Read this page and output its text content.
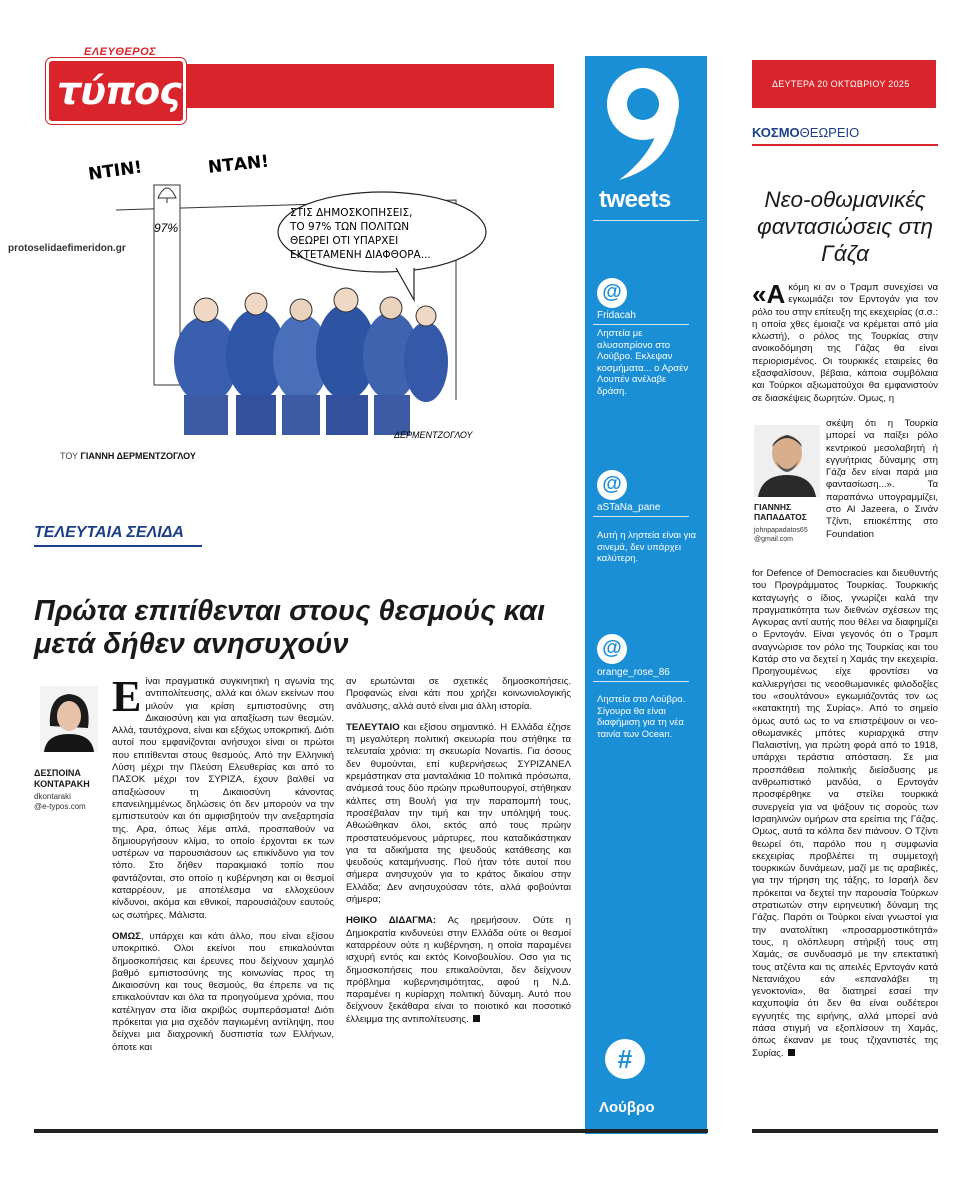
ΕΛΕΥΘΕΡΟΣ
τύπος
protoselidaefimeridon.gr
97%
ΝΤΙΝ!	ΝΤΑΝ!
ΣΤΙΣ ΔΗΜΟΣΚΟΠΗΣΕΙΣ,
ΤΟ 97% ΤΩΝ ΠΟΛΙΤΩΝ
ΘΕΩΡΕΙ ΟΤΙ ΥΠΑΡΧΕΙ
ΕΚΤΕΤΑΜΕΝΗ ΔΙΑΦΘΟΡΑ...
ΔΕΡΜΕΝΤΖΟΓΛΟΥ
ΤΟΥ ΓΙΑΝΝΗ ΔΕΡΜΕΝΤΖΟΓΛΟΥ
ΤΕΛΕΥΤΑΙΑ ΣΕΛΙΔΑ
Πρώτα επιτίθενται στους θεσμούς και μετά δήθεν ανησυχούν
ΔΕΣΠΟΙΝΑ
ΚΟΝΤΑΡΑΚΗ
dkontaraki
@e-typos.com

Είναι πραγματικά συγκινητική η αγωνία της αντιπολίτευσης, αλλά και όλων εκείνων που μιλούν για κρίση εμπιστοσύνης στη Δικαιοσύνη και για απαξίωση των θεσμών. Αλλά, ταυτόχρονα, είναι και εξόχως υποκριτική. Διότι αυτοί που εμφανίζονται ανήσυχοι είναι οι πρώτοι που επιτίθενται στους θεσμούς. Από την Ελληνική Λύση μέχρι την Πλεύση Ελευθερίας και από το ΠΑΣΟΚ μέχρι τον ΣΥΡΙΖΑ, έχουν βαλθεί να απαξιώσουν τη Δικαιοσύνη κάνοντας επανειλημμένως δηλώσεις ότι δεν μπορούν να την εμπιστευτούν και ότι αμφισβητούν την ανεξαρτησία της. Αρα, όπως λέμε απλά, προσπαθούν να δημιουργήσουν κλίμα, το οποίο έρχονται εκ των υστέρων να παρουσιάσουν ως επικίνδυνο για τον τόπο. Στο δήθεν παρακμιακό τοπίο που φαντάζονται, στο οποίο η κυβέρνηση και οι θεσμοί καταρρέουν, με αποτέλεσμα να ελλοχεύουν κίνδυνοι, ακόμα και εθνικοί, παρουσιάζουν εαυτούς ως σωτήρες. Μάλιστα.

ΟΜΩΣ, υπάρχει και κάτι άλλο, που είναι εξίσου υποκριτικό. Ολοι εκείνοι που επικαλούνται δημοσκοπήσεις και έρευνες που δείχνουν χαμηλό βαθμό εμπιστοσύνης της κοινωνίας προς τη Δικαιοσύνη και τους θεσμούς, θα έπρεπε να τις επικαλούνταν και όλα τα προηγούμενα χρόνια, που κατέληγαν στα ίδια ακριβώς συμπεράσματα! Διότι πρόκειται για μια σχεδόν παγιωμένη αντίληψη, που δείχνει μια διαχρονική δυσπιστία των Ελλήνων, όποτε και

αν ερωτώνται σε σχετικές δημοσκοπήσεις. Προφανώς είναι κάτι που χρήζει κοινωνιολογικής ανάλυσης, αλλά αυτό είναι μια άλλη ιστορία.

ΤΕΛΕΥΤΑΙΟ και εξίσου σημαντικό. Η Ελλάδα έζησε τη μεγαλύτερη πολιτική σκευωρία που στήθηκε τα τελευταία χρόνια: τη σκευωρία Novartis. Για όσους δεν θυμούνται, επί κυβερνήσεως ΣΥΡΙΖΑΝΕΛ κρεμάστηκαν στα μανταλάκια 10 πολιτικά πρόσωπα, ανάμεσά τους δύο πρώην πρωθυπουργοί, στήθηκαν κάλπες στη Βουλή για την παραπομπή τους, προσέβαλαν την τιμή και την υπόληψή τους. Αθωώθηκαν όλοι, εκτός από τους πρώην προστατευόμενους μάρτυρες, που καταδικάστηκαν για τα αδικήματα της ψευδούς κατάθεσης και ψευδούς καταμήνυσης. Πού ήταν τότε αυτοί που σήμερα ανησυχούν για το κράτος δικαίου στην Ελλάδα; Δεν ανησυχούσαν τότε, αλλά φοβούνται σήμερα;

ΗΘΙΚΟ ΔΙΔΑΓΜΑ: Ας ηρεμήσουν. Ούτε η Δημοκρατία κινδυνεύει στην Ελλάδα ούτε οι θεσμοί καταρρέουν ούτε η κυβέρνηση, η οποία παραμένει ισχυρή εντός και εκτός Κοινοβουλίου. Οσο για τις δημοσκοπήσεις που επικαλούνται, δεν δείχνουν πρόβλημα κυβερνησιμότητας, αφού η Ν.Δ. παραμένει η κυρίαρχη πολιτική δύναμη. Αυτό που δείχνουν ξεκάθαρα είναι το ποιοτικό και ποσοτικό έλλειμμα της αντιπολίτευσης.

tweets
@
Fridacah
Ληστεία με αλυσοπρίονο στο Λούβρο. Εκλεψαν κοσμήματα... ο Αρσέν Λουπέν ανέλαβε δράση.
@
aSTaNa_pane
Αυτή η ληστεία είναι για σινεμά, δεν υπάρχει καλύτερη.
@
orange_rose_86
Ληστεία στο Λούβρο. Σίγουρα θα είναι διαφήμιση για τη νέα ταινία των Ocean.
#
Λούβρο
ΔΕΥΤΕΡΑ 20 ΟΚΤΩΒΡΙΟΥ 2025
ΚΟΣΜΟΘΕΩΡΕΙΟ
Νεο-οθωμανικές φαντασιώσεις στη Γάζα
«Ακόμη κι αν ο Τραμπ συνεχίσει να εγκωμιάζει τον Ερντογάν για τον ρόλο του στην επίτευξη της εκεχειρίας (σ.σ.: η οποία χθες έμοιαζε να κρέμεται από μία κλωστή), ο ρόλος της Τουρκίας στην ανοικοδόμηση της Γάζας θα είναι περιορισμένος. Οι τουρκικές εταιρείες θα εξασφαλίσουν, βέβαια, κάποια συμβόλαια και Τούρκοι αξιωματούχοι θα εμφανιστούν σε διασκέψεις δωρητών. Ομως, η
ΓΙΑΝΝΗΣ
ΠΑΠΑΔΑΤΟΣ
johnpapadatos65
@gmail.com
σκέψη ότι η Τουρκία μπορεί να παίξει ρόλο κεντρικού μεσολαβητή ή εγγυήτριας δύναμης στη Γάζα δεν είναι παρά μια φαντασίωση...». Τα παραπάνω υπογραμμίζει, στο Al Jazeera, ο Σινάν Τζίντι, επιοκέπτης στο Foundation
for Defence of Democracies και διευθυντής του Προγράμματος Τουρκίας. Τουρκικής καταγωγής ο ίδιος, γνωρίζει καλά την πραγματικότητα των διεθνών σχέσεων της Αγκυρας αντί αυτής που θέλει να διαφημίζει ο Ερντογάν. Είναι γεγονός ότι ο Τραμπ αναγνώρισε τον ρόλο της Τουρκίας και του Κατάρ στο να δεχτεί η Χαμάς την εκεχειρία. Προηγουμένως είχε φροντίσει να καλλιεργήσει τις νεοοθωμανικές φιλοδοξίες του «σουλτάνου» εγκωμιάζοντάς τον ως «κατακτητή της Συρίας». Από το σημείο όμως αυτό ως το να επιστρέψουν οι νεο-οθωμανικές μπότες κυριαρχικά στην Παλαιστίνη, για πρώτη φορά από το 1918, υπάρχει τεράστια απόσταση. Σε μια προσπάθεια πολιτικής διείσδυσης με ανθρωπιστικό μανδύα, ο Ερντογάν προσφέρθηκε να στείλει τουρκικά συνεργεία για να ψάξουν τις σορούς των Ισραηλινών ομήρων στα ερείπια της Γάζας. Ομως, αυτά τα κόλπα δεν πιάνουν. Ο Τζίντι θεωρεί ότι, παρόλο που η συμφωνία εκεχειρίας προβλέπει τη συμμετοχή τουρκικών δυνάμεων, μαζί με τις αραβικές, για την τήρηση της τάξης, το Ισραήλ δεν πρόκειται να δεχτεί την παρουσία Τούρκων στρατιωτών στην ειρηνευτική δύναμη της Γάζας. Παρότι οι Τούρκοι είναι γνωστοί για την ανατολίτικη «προσαρμοστικότητά» τους, η ολόπλευρη στήριξή τους στη Χαμάς, σε συνδυασμό με την επεκτατική τους ατζέντα και τις απειλές Ερντογάν κατά Νετανιάχου εάν «επαναλάβει τη γενοκτονία», θα διατηρεί εσαεί την καχυποψία ότι δεν θα είναι ουδέτεροι εγγυητές της ειρήνης, αλλά μπορεί ανά πάσα στιγμή να εξοπλίσουν τη Χαμάς, όπως έκαναν με τους τζιχαντιστές της Συρίας.
